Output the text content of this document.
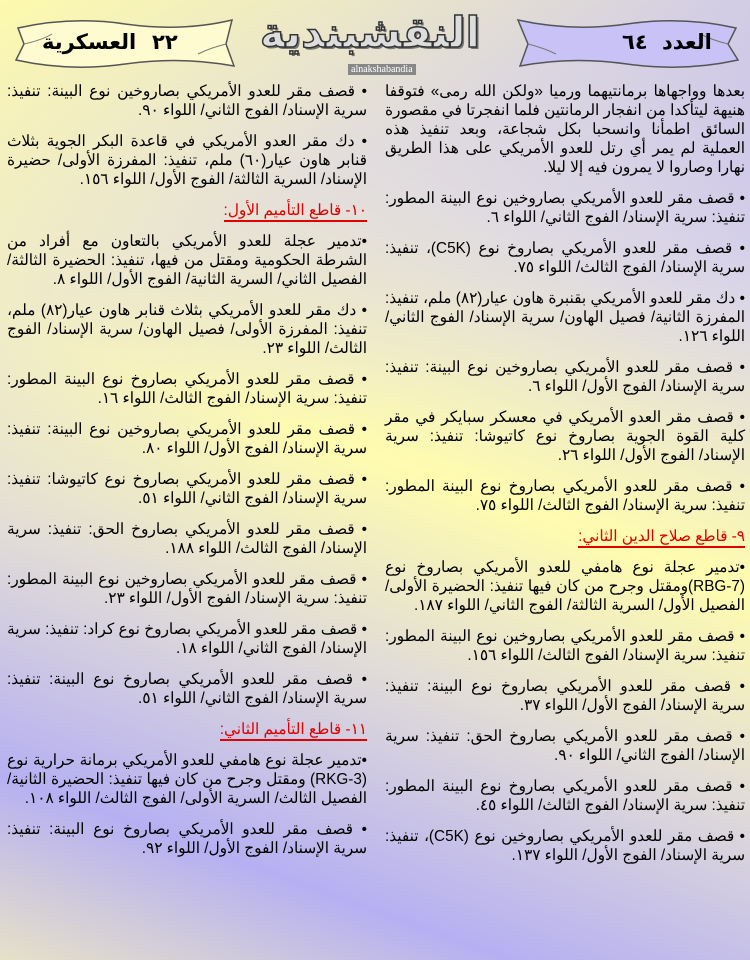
٢٢
العسكرية	النقشبندية
alnakshabandia
٦٤ العدد

بعدها وواجهاها برمانتيهما ورميا «ولكن الله رمى» فتوقفا هنيهة ليتأكدا من انفجار الرمانتين فلما انفجرتا في مقصورة السائق اطمأنا وانسحبا بكل شجاعة، وبعد تنفيذ هذه العملية لم يمر أي رتل للعدو الأمريكي على هذا الطريق نهارا وصاروا لا يمرون فيه إلا ليلا.

• قصف مقر للعدو الأمريكي بصاروخين نوع البينة المطور: تنفيذ: سرية الإسناد/ الفوج الثاني/ اللواء ٦.

• قصف مقر للعدو الأمريكي بصاروخ نوع (C5K)، تنفيذ: سرية الإسناد/ الفوج الثالث/ اللواء ٧٥.

• دك مقر للعدو الأمريكي بقنبرة هاون عيار(٨٢) ملم، تنفيذ: المفرزة الثانية/ فصيل الهاون/ سرية الإسناد/ الفوج الثاني/ اللواء ١٢٦.

• قصف مقر للعدو الأمريكي بصاروخين نوع البينة: تنفيذ: سرية الإسناد/ الفوج الأول/ اللواء ٦.

• قصف مقر العدو الأمريكي في معسكر سبايكر في مقر كلية القوة الجوية بصاروخ نوع كاتيوشا: تنفيذ: سرية الإسناد/ الفوج الأول/ اللواء ٢٦.

• قصف مقر للعدو الأمريكي بصاروخ نوع البينة المطور: تنفيذ: سرية الإسناد/ الفوج الثالث/ اللواء ٧٥.

٩- قاطع صلاح الدين الثاني:

•تدمير عجلة نوع هامفي للعدو الأمريكي بصاروخ نوع (RBG-7)ومقتل وجرح من كان فيها تنفيذ: الحضيرة الأولى/ الفصيل الأول/ السرية الثالثة/ الفوج الثاني/ اللواء ١٨٧.

• قصف مقر للعدو الأمريكي بصاروخين نوع البينة المطور: تنفيذ: سرية الإسناد/ الفوج الثالث/ اللواء ١٥٦.

• قصف مقر للعدو الأمريكي بصاروخ نوع البينة: تنفيذ: سرية الإسناد/ الفوج الأول/ اللواء ٣٧.

• قصف مقر للعدو الأمريكي بصاروخ الحق: تنفيذ: سرية الإسناد/ الفوج الثاني/ اللواء ٩٠.

• قصف مقر للعدو الأمريكي بصاروخ نوع البينة المطور: تنفيذ: سرية الإسناد/ الفوج الثالث/ اللواء ٤٥.

• قصف مقر للعدو الأمريكي بصاروخين نوع (C5K)، تنفيذ: سرية الإسناد/ الفوج الأول/ اللواء ١٣٧.

• قصف مقر للعدو الأمريكي بصاروخين نوع البينة: تنفيذ: سرية الإسناد/ الفوج الثاني/ اللواء ٩٠.

• دك مقر العدو الأمريكي في قاعدة البكر الجوية بثلاث قنابر هاون عيار(٦٠) ملم، تنفيذ: المفرزة الأولى/ حضيرة الإسناد/ السرية الثالثة/ الفوج الأول/ اللواء ١٥٦.

١٠- قاطع التأميم الأول:

•تدمير عجلة للعدو الأمريكي بالتعاون مع أفراد من الشرطة الحكومية ومقتل من فيها، تنفيذ: الحضيرة الثالثة/ الفصيل الثاني/ السرية الثانية/ الفوج الأول/ اللواء ٨.

• دك مقر للعدو الأمريكي بثلاث قنابر هاون عيار(٨٢) ملم، تنفيذ: المفرزة الأولى/ فصيل الهاون/ سرية الإسناد/ الفوج الثالث/ اللواء ٢٣.

• قصف مقر للعدو الأمريكي بصاروخ نوع البينة المطور: تنفيذ: سرية الإسناد/ الفوج الثالث/ اللواء ١٦.

• قصف مقر للعدو الأمريكي بصاروخين نوع البينة: تنفيذ: سرية الإسناد/ الفوج الأول/ اللواء ٨٠.

• قصف مقر للعدو الأمريكي بصاروخ نوع كاتيوشا: تنفيذ: سرية الإسناد/ الفوج الثاني/ اللواء ٥١.

• قصف مقر للعدو الأمريكي بصاروخ الحق: تنفيذ: سرية الإسناد/ الفوج الثالث/ اللواء ١٨٨.

• قصف مقر للعدو الأمريكي بصاروخين نوع البينة المطور: تنفيذ: سرية الإسناد/ الفوج الأول/ اللواء ٢٣.

• قصف مقر للعدو الأمريكي بصاروخ نوع كراد: تنفيذ: سرية الإسناد/ الفوج الثاني/ اللواء ١٨.

• قصف مقر للعدو الأمريكي بصاروخ نوع البينة: تنفيذ: سرية الإسناد/ الفوج الثاني/ اللواء ٥١.

١١- قاطع التأميم الثاني:

•تدمير عجلة نوع هامفي للعدو الأمريكي برمانة حرارية نوع (RKG-3) ومقتل وجرح من كان فيها تنفيذ: الحضيرة الثانية/ الفصيل الثالث/ السرية الأولى/ الفوج الثالث/ اللواء ١٠٨.

• قصف مقر للعدو الأمريكي بصاروخ نوع البينة: تنفيذ: سرية الإسناد/ الفوج الأول/ اللواء ٩٢.
